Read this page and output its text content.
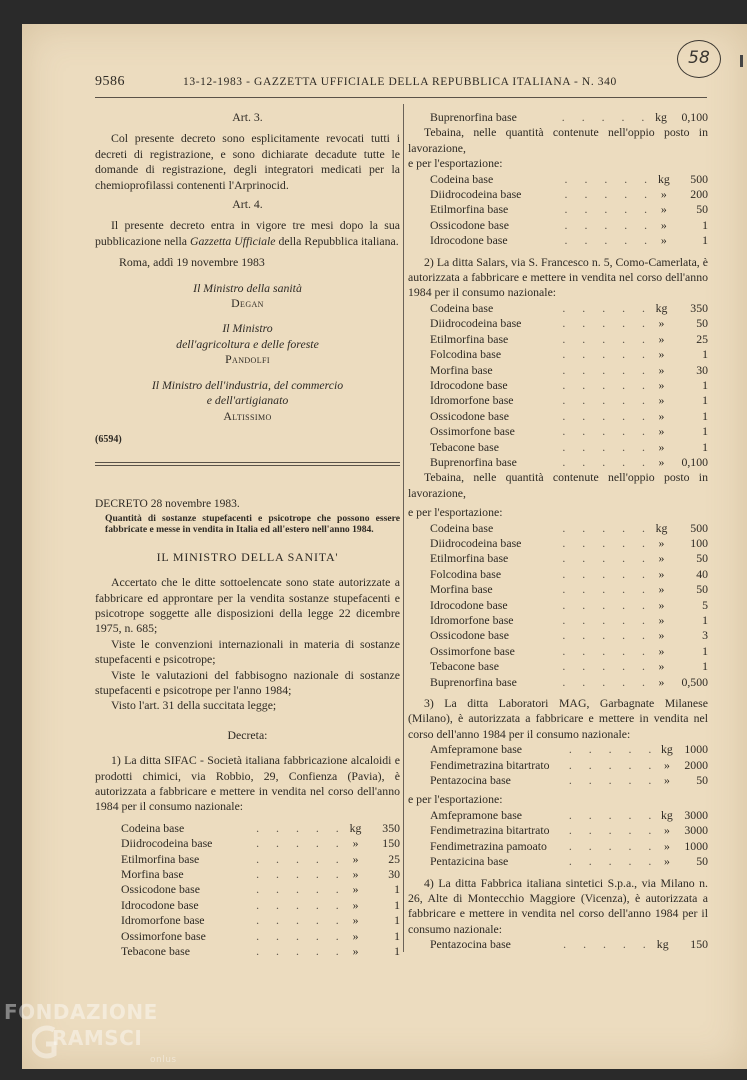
9586	13-12-1983 - GAZZETTA UFFICIALE DELLA REPUBBLICA ITALIANA - N. 340
58
Art. 3.

Col presente decreto sono esplicitamente revocati tutti i decreti di registrazione, e sono dichiarate decadute tutte le domande di registrazione, degli integratori medicati per la chemioprofilassi contenenti l'Arprinocid.

Art. 4.

Il presente decreto entra in vigore tre mesi dopo la sua pubblicazione nella Gazzetta Ufficiale della Repubblica italiana.

Roma, addì 19 novembre 1983

Il Ministro della sanità
Degan
Il Ministro
dell'agricoltura e delle foreste
Pandolfi
Il Ministro dell'industria, del commercio
e dell'artigianato
Altissimo
(6594)

DECRETO 28 novembre 1983.

Quantità di sostanze stupefacenti e psicotrope che possono essere fabbricate e messe in vendita in Italia ed all'estero nell'anno 1984.

IL MINISTRO DELLA SANITA'

Accertato che le ditte sottoelencate sono state autorizzate a fabbricare ed approntare per la vendita sostanze stupefacenti e psicotrope soggette alle disposizioni della legge 22 dicembre 1975, n. 685;

Viste le convenzioni internazionali in materia di sostanze stupefacenti e psicotrope;

Viste le valutazioni del fabbisogno nazionale di sostanze stupefacenti e psicotrope per l'anno 1984;

Visto l'art. 31 della succitata legge;

Decreta:

1) La ditta SIFAC - Società italiana fabbricazione alcaloidi e prodotti chimici, via Robbio, 29, Confienza (Pavia), è autorizzata a fabbricare e mettere in vendita nel corso dell'anno 1984 per il consumo nazionale:

Codeina base	. . . . .	kg	350
Diidrocodeina base	. . . . .	»	150
Etilmorfina base	. . . . .	»	25
Morfina base	. . . . .	»	30
Ossicodone base	. . . . .	»	1
Idrocodone base	. . . . .	»	1
Idromorfone base	. . . . .	»	1
Ossimorfone base	. . . . .	»	1
Tebacone base	. . . . .	»	1
Buprenorfina base	. . . . .	kg	0,100

Tebaina, nelle quantità contenute nell'oppio posto in lavorazione,

e per l'esportazione:

Codeina base	. . . . .	kg	500
Diidrocodeina base	. . . . .	»	200
Etilmorfina base	. . . . .	»	50
Ossicodone base	. . . . .	»	1
Idrocodone base	. . . . .	»	1

2) La ditta Salars, via S. Francesco n. 5, Como-Camerlata, è autorizzata a fabbricare e mettere in vendita nel corso dell'anno 1984 per il consumo nazionale:

Codeina base	. . . . .	kg	350
Diidrocodeina base	. . . . .	»	50
Etilmorfina base	. . . . .	»	25
Folcodina base	. . . . .	»	1
Morfina base	. . . . .	»	30
Idrocodone base	. . . . .	»	1
Idromorfone base	. . . . .	»	1
Ossicodone base	. . . . .	»	1
Ossimorfone base	. . . . .	»	1
Tebacone base	. . . . .	»	1
Buprenorfina base	. . . . .	»	0,100

Tebaina, nelle quantità contenute nell'oppio posto in lavorazione,

e per l'esportazione:

Codeina base	. . . . .	kg	500
Diidrocodeina base	. . . . .	»	100
Etilmorfina base	. . . . .	»	50
Folcodina base	. . . . .	»	40
Morfina base	. . . . .	»	50
Idrocodone base	. . . . .	»	5
Idromorfone base	. . . . .	»	1
Ossicodone base	. . . . .	»	3
Ossimorfone base	. . . . .	»	1
Tebacone base	. . . . .	»	1
Buprenorfina base	. . . . .	»	0,500

3) La ditta Laboratori MAG, Garbagnate Milanese (Milano), è autorizzata a fabbricare e mettere in vendita nel corso dell'anno 1984 per il consumo nazionale:

Amfepramone base	. . . . .	kg	1000
Fendimetrazina bitartrato	. . . . .	»	2000
Pentazocina base	. . . . .	»	50

e per l'esportazione:

Amfepramone base	. . . . .	kg	3000
Fendimetrazina bitartrato	. . . . .	»	3000
Fendimetrazina pamoato	. . . . .	»	1000
Pentazicina base	. . . . .	»	50

4) La ditta Fabbrica italiana sintetici S.p.a., via Milano n. 26, Alte di Montecchio Maggiore (Vicenza), è autorizzata a fabbricare e mettere in vendita nel corso dell'anno 1984 per il consumo nazionale:

Pentazocina base	. . . . .	kg	150
FONDAZIONE
RAMSCI
onlus
